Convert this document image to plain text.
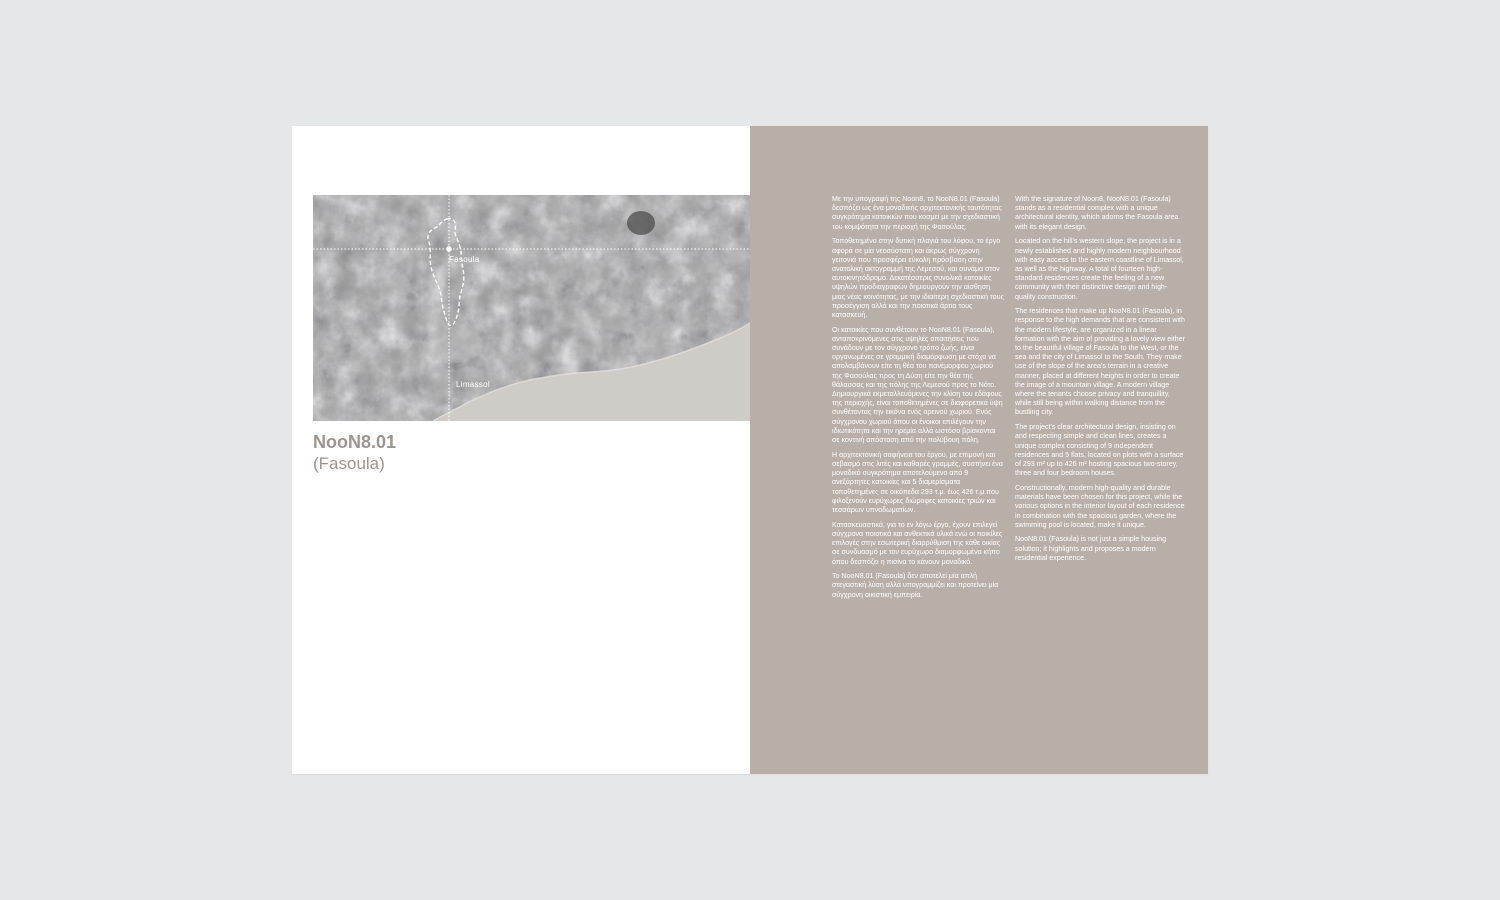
Fasoula
Limassol
NooN8.01
(Fasoula)

Με την υπογραφή της Noon8, το NooN8.01 (Fasoula) δεσπόζει ως ένα μοναδικής αρχιτεκτονικής ταυτότητας συγκρότημα κατοικιών που κοσμεί με την σχεδιαστική του κομψότητα την περιοχή της Φασούλας.

Τοποθετημένο στην δυτική πλαγιά του λόφου, το έργο αφορά σε μία νεοσύστατη και άκρως σύγχρονη γειτονιά που προσφέρει εύκολη πρόσβαση στην ανατολική ακτογραμμή της Λεμεσού, και συνάμα στον αυτοκινητόδρομο. Δεκατέσσερις συνολικά κατοικίες υψηλών προδιαγραφών δημιουργούν την αίσθηση μιας νέας κοινότητας, με την ιδιαίτερη σχεδιαστική τους προσέγγιση αλλά και την ποιοτικά άρτια τους κατασκευή.

Οι κατοικίες που συνθέτουν το NooN8.01 (Fasoula), ανταποκρινόμενες στις υψηλές απαιτήσεις που συνάδουν με τον σύγχρονο τρόπο ζωής, είναι οργανωμένες σε γραμμική διαμόρφωση με στόχο να απολαμβάνουν είτε τη θέα του πανέμορφου χωριού της Φασούλας προς τη Δύση είτε την θέα της θάλασσας και της πόλης της Λεμεσού προς το Νότο. Δημιουργικά εκμεταλλευόμενες την κλίση του εδάφους της περιοχής, είναι τοποθετημένες σε διαφορετικά ύψη συνθέτοντας την εικόνα ενός ορεινού χωριού. Ενός σύγχρονου χωριού όπου οι ένοικοι επιλέγουν την ιδιωτικότητα και την ηρεμία αλλά ωστόσο βρίσκονται σε κοντινή απόσταση από την πολύβουη πόλη.

Η αρχιτεκτονική σαφήνεια του έργου, με επιμονή και σεβασμό στις λιτές και καθαρές γραμμές, συστήνει ένα μοναδικό συγκρότημα αποτελούμενο από 9 ανεξάρτητες κατοικίες και 5 διαμερίσματα τοποθετημένες σε οικόπεδα 293 τ.μ. έως 426 τ.μ.που φιλοξενούν ευρύχωρες διώροφες κατοικίες τριών και τεσσάρων υπνοδωματίων.

Κατασκευαστικά, για το εν λόγω έργο, έχουν επιλεγεί σύγχρονα ποιοτικά και ανθεκτικά υλικά ενώ οι ποικίλες επιλογές στην εσωτερική διαρρύθμιση της κάθε οικίας σε συνδυασμό με τον ευρύχωρο διαμορφωμένο κήπο όπου δεσπόζει η πισίνα το κάνουν μοναδικό.

Το NooN8.01 (Fasoula) δεν αποτελεί μία απλή στεγαστική λύση αλλά υπογραμμίζει και προτείνει μία σύγχρονη οικιστική εμπειρία.

With the signature of Noon8, NooN8.01 (Fasoula) stands as a residential complex with a unique architectural identity, which adorns the Fasoula area with its elegant design.

Located on the hill's western slope, the project is in a newly established and highly modern neighbourhood with easy access to the eastern coastline of Limassol, as well as the highway. A total of fourteen high-standard residences create the feeling of a new community with their distinctive design and high-quality construction.

The residences that make up NooN8.01 (Fasoula), in response to the high demands that are consistent with the modern lifestyle, are organized in a linear formation with the aim of providing a lovely view either to the beautiful village of Fasoula to the West, or the sea and the city of Limassol to the South. They make use of the slope of the area's terrain in a creative manner, placed at different heights in order to create the image of a mountain village. A modern village where the tenants choose privacy and tranquillity, while still being within walking distance from the bustling city.

The project's clear architectural design, insisting on and respecting simple and clean lines, creates a unique complex consisting of 9 independent residences and 5 flats, located on plots with a surface of 293 m² up to 426 m² hosting spacious two-storey, three and four bedroom houses.

Constructionally, modern high-quality and durable materials have been chosen for this project, while the various options in the interior layout of each residence in combination with the spacious garden, where the swimming pool is located, make it unique.

NooN8.01 (Fasoula) is not just a simple housing solution; it highlights and proposes a modern residential experience.
